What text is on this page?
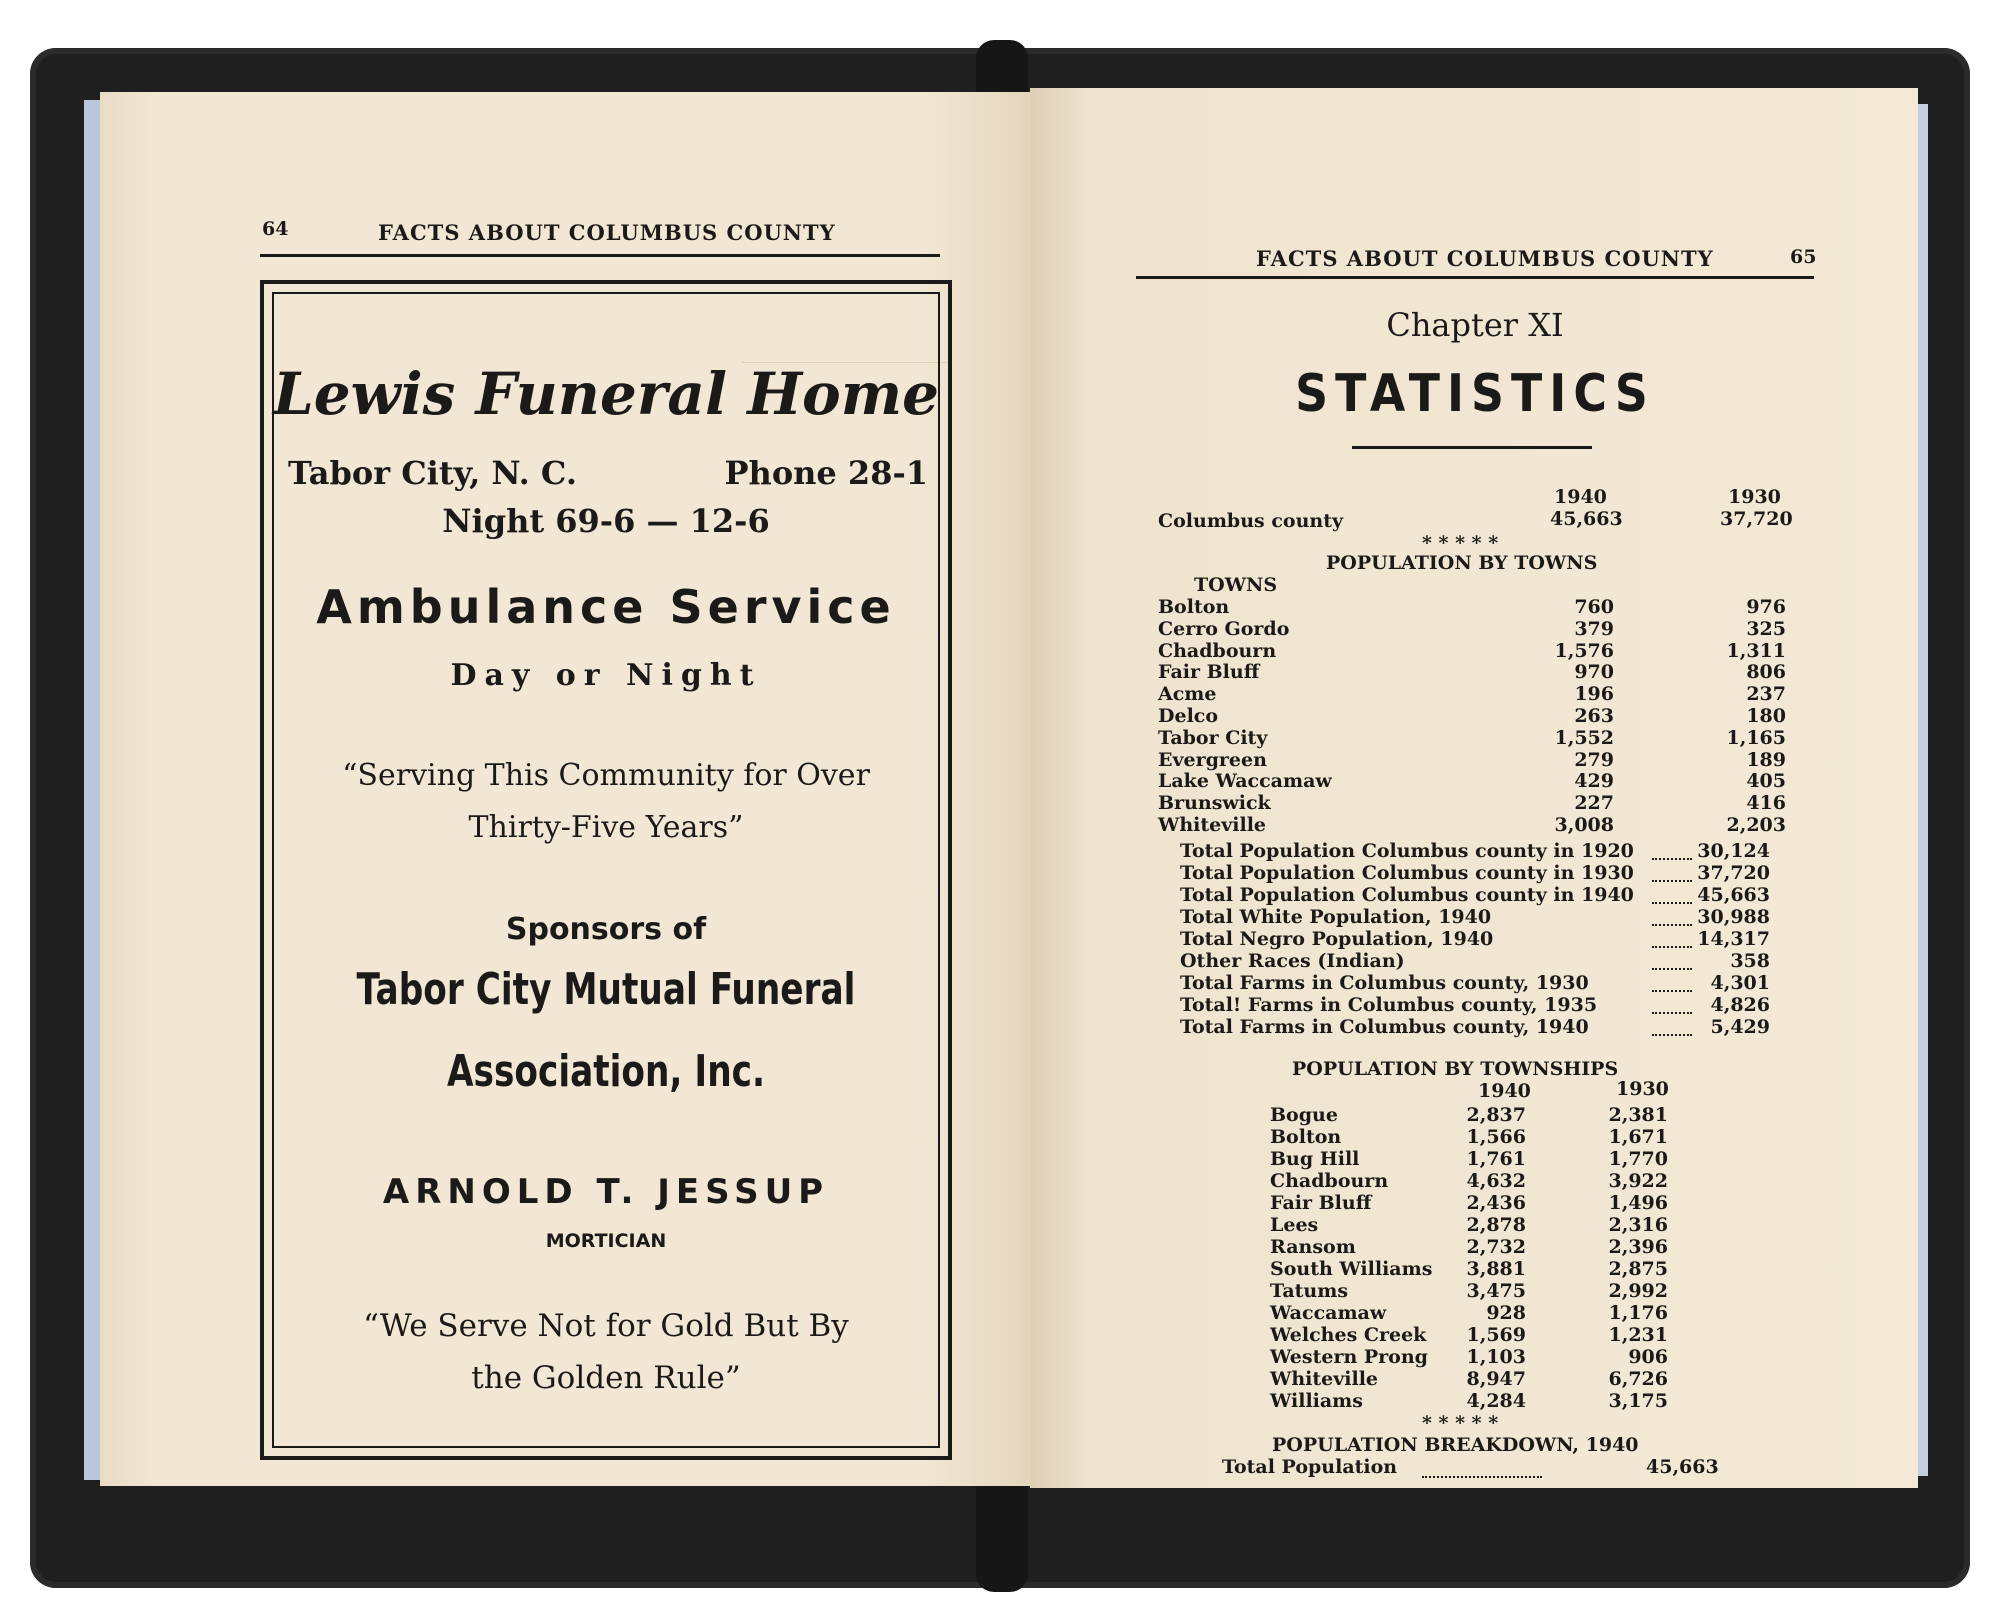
64	FACTS ABOUT COLUMBUS COUNTY
Lewis Funeral Home
Tabor City, N. C.	Phone 28-1
Night 69-6 — 12-6
Ambulance Service
Day or Night
“Serving This Community for Over
Thirty-Five Years”
Sponsors of
Tabor City Mutual Funeral
Association, Inc.
ARNOLD T. JESSUP
MORTICIAN
“We Serve Not for Gold But By
the Golden Rule”
FACTS ABOUT COLUMBUS COUNTY	65
Chapter XI
STATISTICS
1940	1930
Columbus county	45,663	37,720
* * * * *
POPULATION BY TOWNS
TOWNS
Bolton	760	976
Cerro Gordo	379	325
Chadbourn	1,576	1,311
Fair Bluff	970	806
Acme	196	237
Delco	263	180
Tabor City	1,552	1,165
Evergreen	279	189
Lake Waccamaw	429	405
Brunswick	227	416
Whiteville	3,008	2,203
Total Population Columbus county in 1920	30,124
Total Population Columbus county in 1930	37,720
Total Population Columbus county in 1940	45,663
Total White Population, 1940	30,988
Total Negro Population, 1940	14,317
Other Races (Indian)	358
Total Farms in Columbus county, 1930	4,301
Total! Farms in Columbus county, 1935	4,826
Total Farms in Columbus county, 1940	5,429
POPULATION BY TOWNSHIPS
1940	1930
Bogue	2,837	2,381
Bolton	1,566	1,671
Bug Hill	1,761	1,770
Chadbourn	4,632	3,922
Fair Bluff	2,436	1,496
Lees	2,878	2,316
Ransom	2,732	2,396
South Williams	3,881	2,875
Tatums	3,475	2,992
Waccamaw	928	1,176
Welches Creek	1,569	1,231
Western Prong	1,103	906
Whiteville	8,947	6,726
Williams	4,284	3,175
* * * * *
POPULATION BREAKDOWN, 1940
Total Population	45,663
